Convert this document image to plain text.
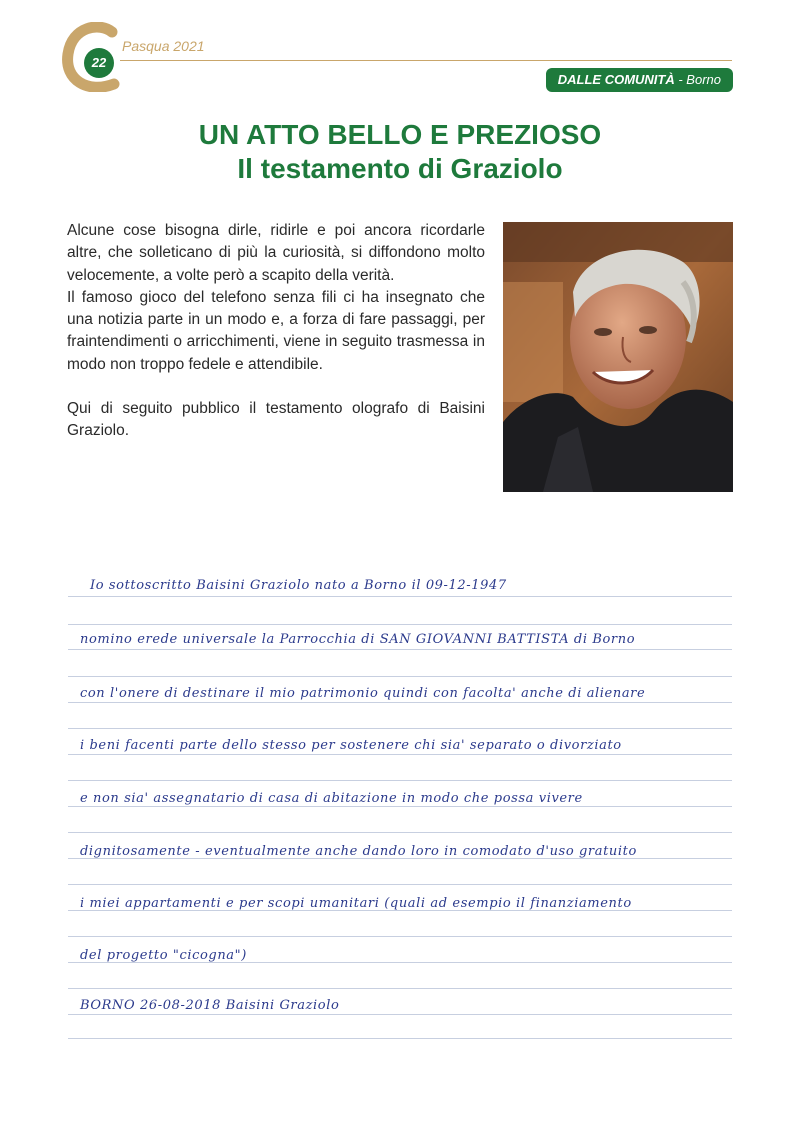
22
Pasqua 2021
DALLE COMUNITÀ - Borno
UN ATTO BELLO E PREZIOSO
Il testamento di Graziolo

Alcune cose bisogna dirle, ridirle e poi ancora ricordarle altre, che solleticano di più la curiosità, si diffondono molto velocemente, a volte però a scapito della verità.

Il famoso gioco del telefono senza fili ci ha insegnato che una notizia parte in un modo e, a forza di fare passaggi, per fraintendimenti o arricchimenti, viene in seguito trasmessa in modo non troppo fedele e attendibile.

Qui di seguito pubblico il testamento olografo di Baisini Graziolo.

Io sottoscritto Baisini Graziolo nato a Borno il 09-12-1947
nomino erede universale la Parrocchia di SAN GIOVANNI BATTISTA di Borno
con l'onere di destinare il mio patrimonio quindi con facolta' anche di alienare
i beni facenti parte dello stesso per sostenere chi sia' separato o divorziato
e non sia' assegnatario di casa di abitazione in modo che possa vivere
dignitosamente - eventualmente anche dando loro in comodato d'uso gratuito
i miei appartamenti e per scopi umanitari (quali ad esempio il finanziamento
del progetto "cicogna")
BORNO 26-08-2018 Baisini Graziolo
